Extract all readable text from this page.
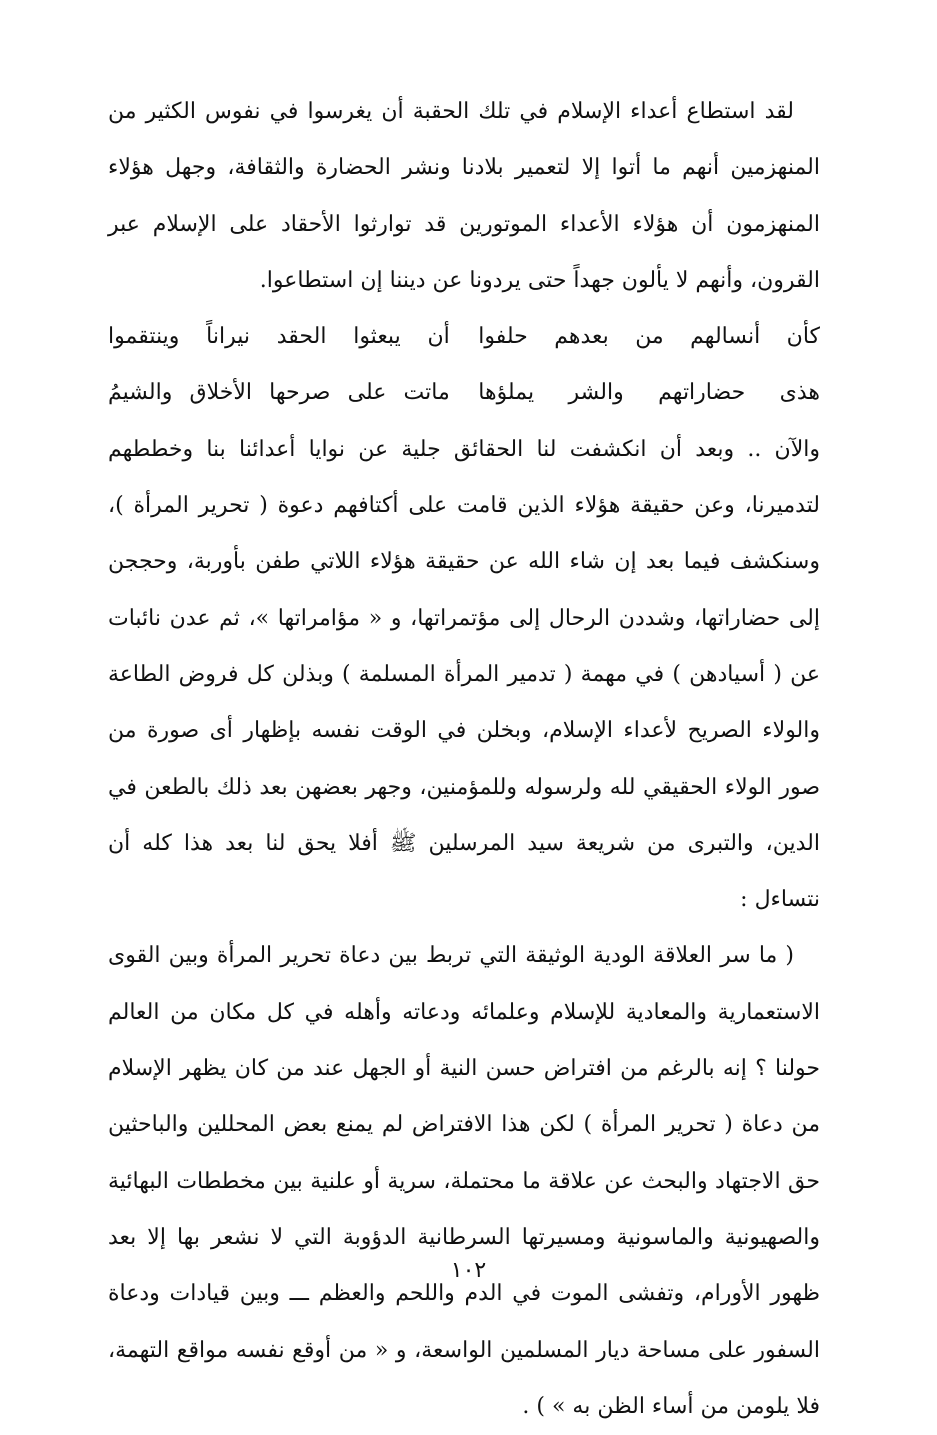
لقد استطاع أعداء الإسلام في تلك الحقبة أن يغرسوا في نفوس الكثير من المنهزمين أنهم ما أتوا إلا لتعمير بلادنا ونشر الحضارة والثقافة، وجهل هؤلاء المنهزمون أن هؤلاء الأعداء الموتورين قد توارثوا الأحقاد على الإسلام عبر القرون، وأنهم لا يألون جهداً حتى يردونا عن ديننا إن استطاعوا.

كأن
أنسالهم
من
بعدهم
حلفوا
أن
يبعثوا
الحقد
نيراناً
وينتقموا
هذى
حضاراتهم
والشر
يملؤها
ماتت
على
صرحها
الأخلاق
والشيمُ

والآن .. وبعد أن انكشفت لنا الحقائق جلية عن نوايا أعدائنا بنا وخططهم لتدميرنا، وعن حقيقة هؤلاء الذين قامت على أكتافهم دعوة ( تحرير المرأة )، وسنكشف فيما بعد إن شاء الله عن حقيقة هؤلاء اللاتي طفن بأوربة، وحججن إلى حضاراتها، وشددن الرحال إلى مؤتمراتها، و « مؤامراتها »، ثم عدن نائبات عن ( أسيادهن ) في مهمة ( تدمير المرأة المسلمة ) وبذلن كل فروض الطاعة والولاء الصريح لأعداء الإسلام، وبخلن في الوقت نفسه بإظهار أى صورة من صور الولاء الحقيقي لله ولرسوله وللمؤمنين، وجهر بعضهن بعد ذلك بالطعن في الدين، والتبرى من شريعة سيد المرسلين ﷺ أفلا يحق لنا بعد هذا كله أن نتساءل :

( ما سر العلاقة الودية الوثيقة التي تربط بين دعاة تحرير المرأة وبين القوى الاستعمارية والمعادية للإسلام وعلمائه ودعاته وأهله في كل مكان من العالم حولنا ؟ إنه بالرغم من افتراض حسن النية أو الجهل عند من كان يظهر الإسلام من دعاة ( تحرير المرأة ) لكن هذا الافتراض لم يمنع بعض المحللين والباحثين حق الاجتهاد والبحث عن علاقة ما محتملة، سرية أو علنية بين مخططات البهائية والصهيونية والماسونية ومسيرتها السرطانية الدؤوبة التي لا نشعر بها إلا بعد ظهور الأورام، وتفشى الموت في الدم واللحم والعظم ـــ وبين قيادات ودعاة السفور على مساحة ديار المسلمين الواسعة، و « من أوقع نفسه مواقع التهمة، فلا يلومن من أساء الظن به » ) .

١٠٢
